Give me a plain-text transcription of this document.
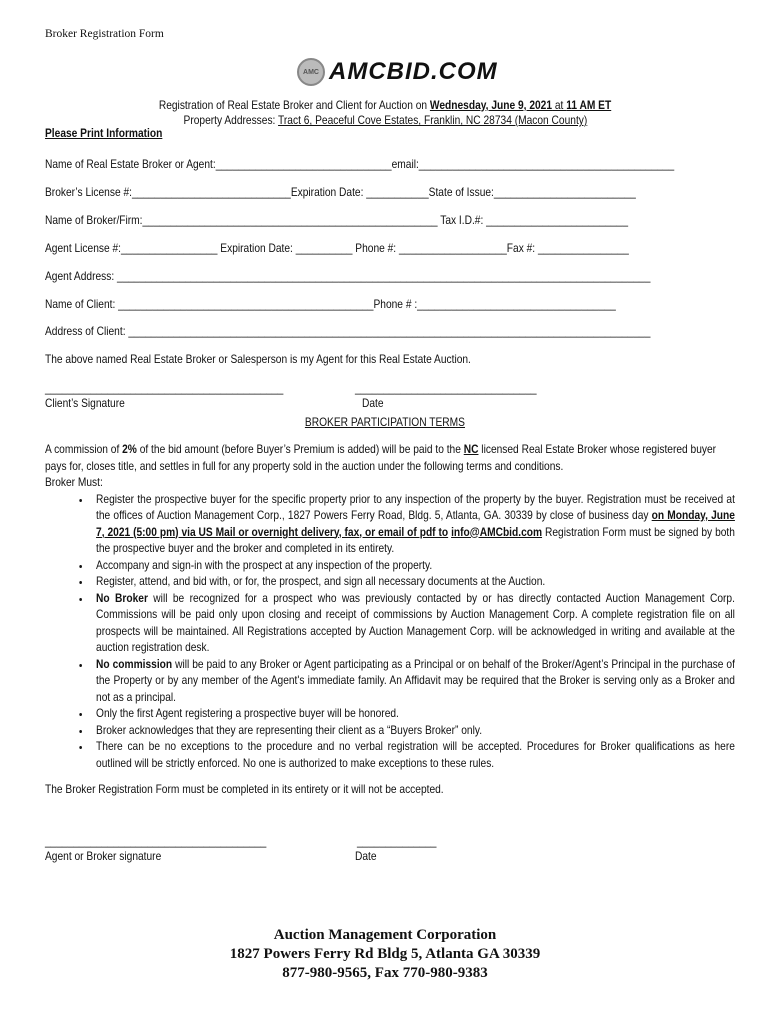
Broker Registration Form
AMC AMCBID.COM
Registration of Real Estate Broker and Client for Auction on Wednesday, June 9, 2021 at 11 AM ET
Property Addresses: Tract 6, Peaceful Cove Estates, Franklin, NC 28734 (Macon County)
Please Print Information
Name of Real Estate Broker or Agent:_______________________________email:_____________________________________________
Broker’s License #:____________________________Expiration Date: ___________State of Issue:_________________________
Name of Broker/Firm:____________________________________________________ Tax I.D.#: _________________________
Agent License #:_________________ Expiration Date: __________ Phone #: ___________________Fax #: ________________
Agent Address: ______________________________________________________________________________________________
Name of Client: _____________________________________________Phone # :___________________________________
Address of Client: ____________________________________________________________________________________________
The above named Real Estate Broker or Salesperson is my Agent for this Real Estate Auction.
__________________________________________	________________________________
Client’s Signature	Date
BROKER PARTICIPATION TERMS

A commission of 2% of the bid amount (before Buyer’s Premium is added) will be paid to the NC licensed Real Estate Broker whose registered buyer pays for, closes title, and settles in full for any property sold in the auction under the following terms and conditions.

Broker Must:

• Register the prospective buyer for the specific property prior to any inspection of the property by the buyer. Registration must be received at the offices of Auction Management Corp., 1827 Powers Ferry Road, Bldg. 5, Atlanta, GA. 30339 by close of business day on Monday, June 7, 2021 (5:00 pm) via US Mail or overnight delivery, fax, or email of pdf to info@AMCbid.com Registration Form must be signed by both the prospective buyer and the broker and completed in its entirety.
• Accompany and sign-in with the prospect at any inspection of the property.
• Register, attend, and bid with, or for, the prospect, and sign all necessary documents at the Auction.
• No Broker will be recognized for a prospect who was previously contacted by or has directly contacted Auction Management Corp. Commissions will be paid only upon closing and receipt of commissions by Auction Management Corp. A complete registration file on all prospects will be maintained. All Registrations accepted by Auction Management Corp. will be acknowledged in writing and available at the auction registration desk.
• No commission will be paid to any Broker or Agent participating as a Principal or on behalf of the Broker/Agent’s Principal in the purchase of the Property or by any member of the Agent's immediate family. An Affidavit may be required that the Broker is serving only as a Broker and not as a principal.
• Only the first Agent registering a prospective buyer will be honored.
• Broker acknowledges that they are representing their client as a “Buyers Broker” only.
• There can be no exceptions to the procedure and no verbal registration will be accepted. Procedures for Broker qualifications as here outlined will be strictly enforced. No one is authorized to make exceptions to these rules.

The Broker Registration Form must be completed in its entirety or it will not be accepted.

_______________________________________	______________
Agent or Broker signature	Date
Auction Management Corporation
1827 Powers Ferry Rd Bldg 5, Atlanta GA 30339
877-980-9565, Fax 770-980-9383
